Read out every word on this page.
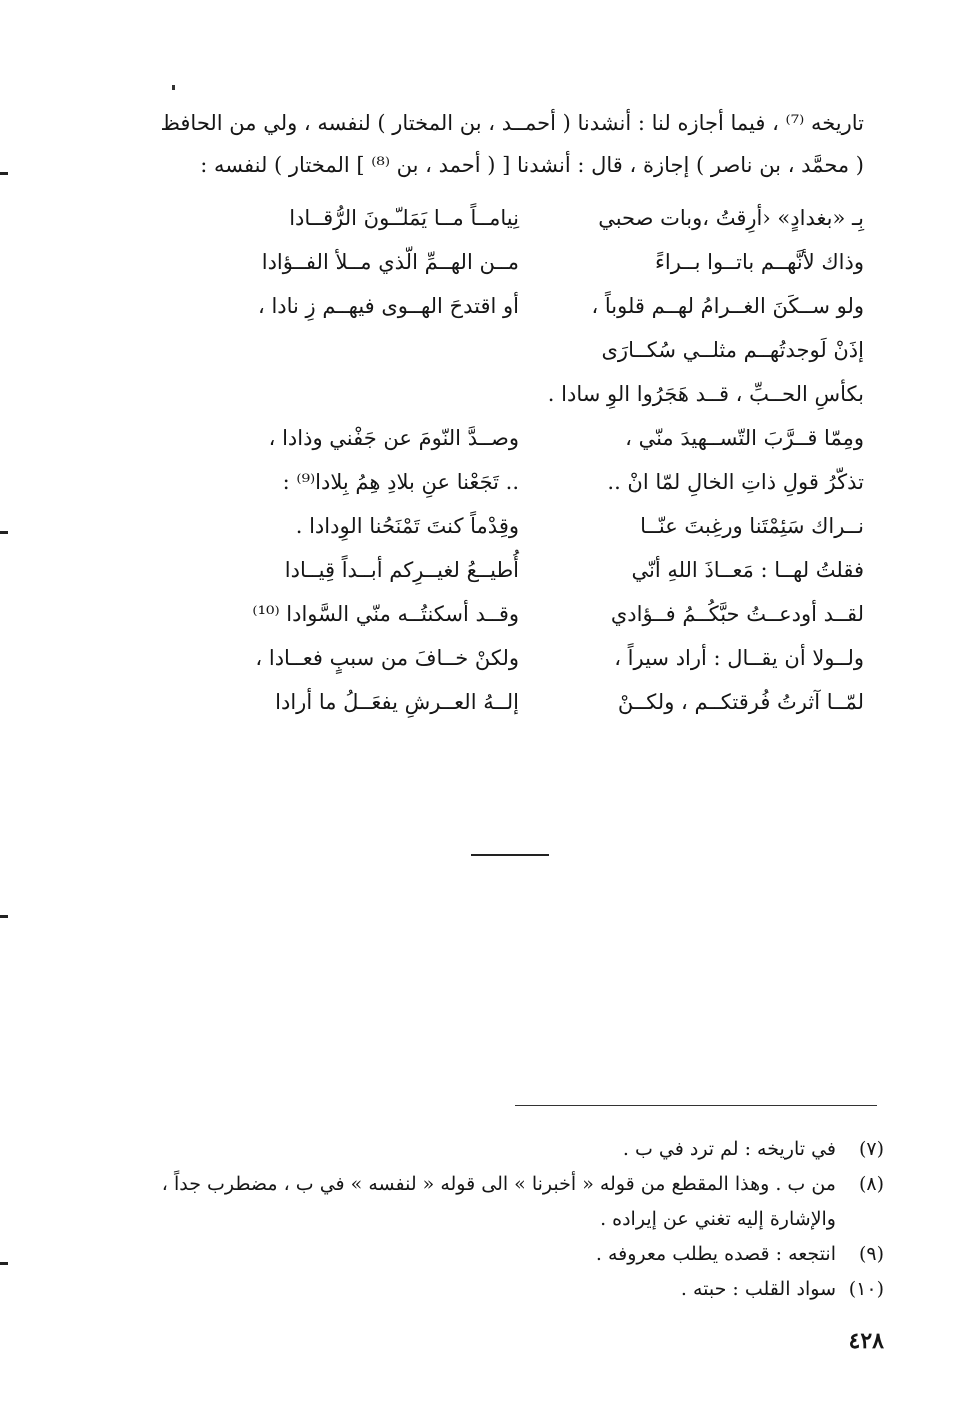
تاريخه ⁽⁷⁾ ، فيما أجازه لنا : أنشدنا ( أحمــد ، بن المختار ) لنفسه ، ولي من الحافظ

( محمَّد ، بن ناصر ) إجازة ، قال : أنشدنا [ ( أحمد ، بن ⁽⁸⁾ ] المختار ) لنفسه :

بِـ «بغدادٍ» ‹أرِقتُ ،وبات صحبي
نِيامــاً مــا يَمَلـّـونَ الرُّقــادا
وذاك لأنَّهــم باتــوا بــراءً
مــن الهــمِّ الّذي مــلأ الفــؤادا
ولو ســكَنَ الغــرامُ لهــم قلوباً ،
أو اقتدحَ الهــوى فيهــم زِ نادا ،
إذَنْ لَوجدتُهــم مثلــي سُكــارَى
بكأسِ الحــبِّ ، قــد هَجَرُوا الوِ سادا .
ومِمّا قــرَّبَ التّســهيدَ منّي ،
وصــدَّ النّومَ عن جَفْني وذادا ،
تذكّرُ قولِ ذاتِ الخالِ لمّا انْ ..
.. تَجَعْنا عنِ بلادِ هِمُ بِلادا⁽⁹⁾ :
نــراك سَئِمْتَنا ورغِبتَ عنّــا
وقِدْماً كنتَ تَمْنَحُنا الوِدادا .
فقلتُ لهــا : مَعــاذَ اللهِ أنّي
أُطيــعُ لغيــرِكم أبــداً قِيــادا
لقــد أودعــتُ حبَّكُــمُ فــؤادي
وقــد أسكنتُــه منّي السَّوادا ⁽¹⁰⁾
ولــولا أن يقــال : أراد سيراً ،
ولكنْ خــافَ من سببٍ فعــادا ،
لمّــا آثرتُ فُرقتكــم ، ولكــنْ
إلــهُ العــرشِ يفعَــلُ ما أرادا
(٧)
في تاريخه : لم ترد في ب .
(٨)
من ب . وهذا المقطع من قوله « أخبرنا » الى قوله « لنفسه » في ب ، مضطرب جداً ، والإشارة إليه تغني عن إيراده .
(٩)
انتجعه : قصده يطلب معروفه .
(١٠)
سواد القلب : حبته .
٤٢٨
